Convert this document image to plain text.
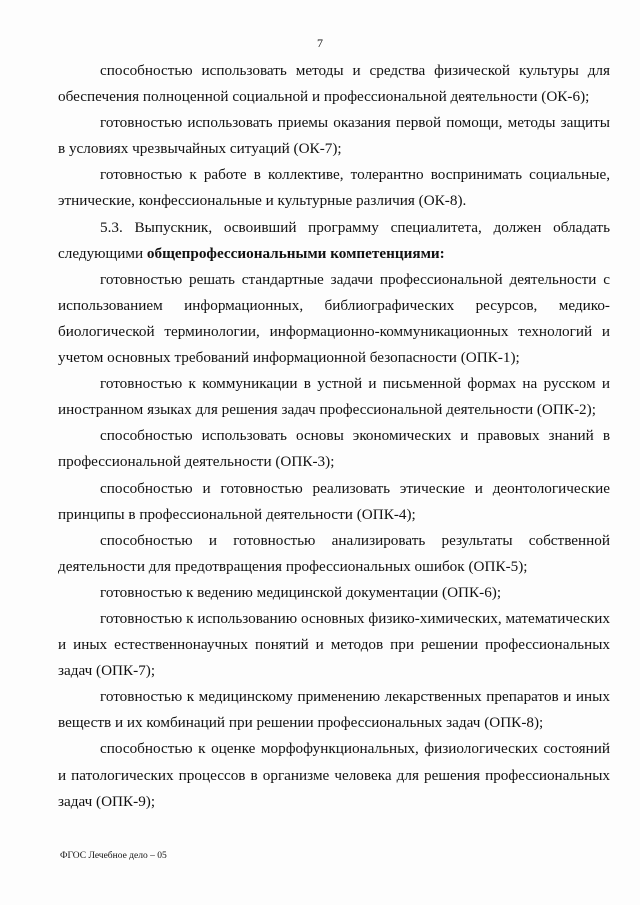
7

способностью использовать методы и средства физической культуры для обеспечения полноценной социальной и профессиональной деятельности (ОК-6);

готовностью использовать приемы оказания первой помощи, методы защиты в условиях чрезвычайных ситуаций (ОК-7);

готовностью к работе в коллективе, толерантно воспринимать социальные, этнические, конфессиональные и культурные различия (ОК-8).

5.3. Выпускник, освоивший программу специалитета, должен обладать следующими общепрофессиональными компетенциями:

готовностью решать стандартные задачи профессиональной деятельности с использованием информационных, библиографических ресурсов, медико-биологической терминологии, информационно-коммуникационных технологий и учетом основных требований информационной безопасности (ОПК-1);

готовностью к коммуникации в устной и письменной формах на русском и иностранном языках для решения задач профессиональной деятельности (ОПК-2);

способностью использовать основы экономических и правовых знаний в профессиональной деятельности (ОПК-3);

способностью и готовностью реализовать этические и деонтологические принципы в профессиональной деятельности (ОПК-4);

способностью и готовностью анализировать результаты собственной деятельности для предотвращения профессиональных ошибок (ОПК-5);

готовностью к ведению медицинской документации (ОПК-6);

готовностью к использованию основных физико-химических, математических и иных естественнонаучных понятий и методов при решении профессиональных задач (ОПК-7);

готовностью к медицинскому применению лекарственных препаратов и иных веществ и их комбинаций при решении профессиональных задач (ОПК-8);

способностью к оценке морфофункциональных, физиологических состояний и патологических процессов в организме человека для решения профессиональных задач (ОПК-9);

ФГОС Лечебное дело – 05
